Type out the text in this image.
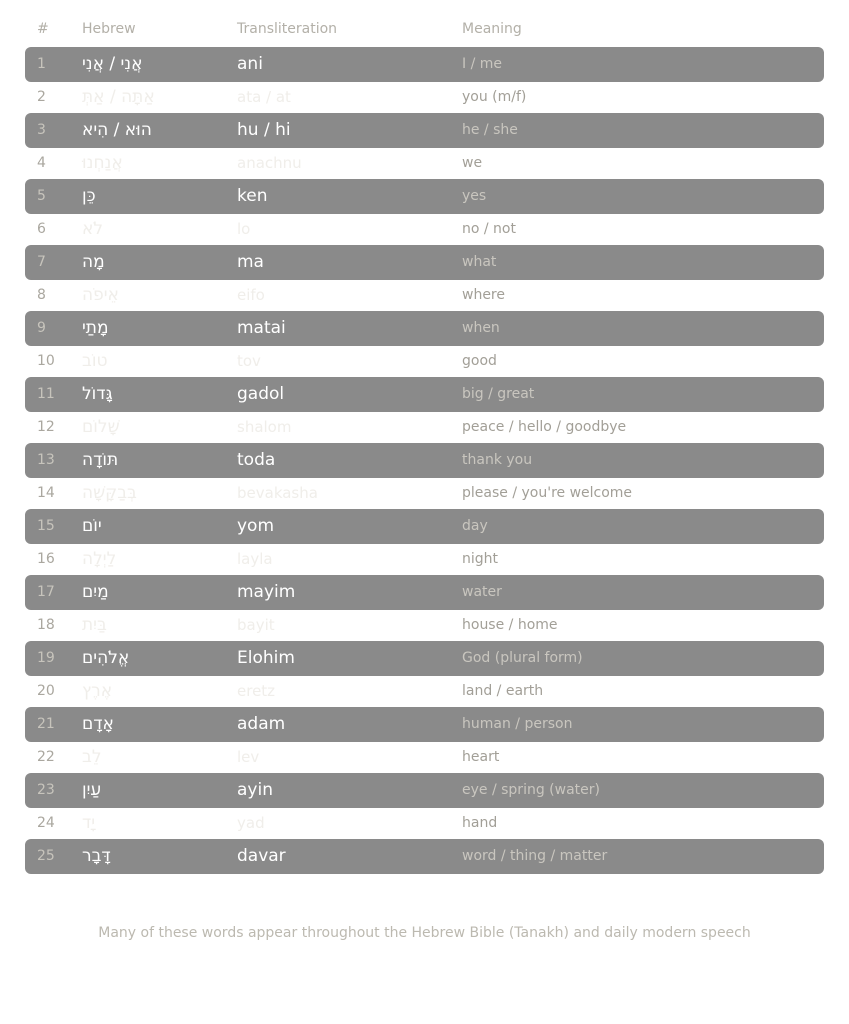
# Hebrew	Transliteration	Meaning
1 אֲנִי / אֲנִי	ani	I / me
2 אַתָּה / אַתְּ	ata / at	you (m/f)
3 הוּא / הִיא	hu / hi	he / she
4 אֲנַחְנוּ	anachnu	we
5 כֵּן	ken	yes
6 לֹא	lo	no / not
7 מָה	ma	what
8 אֵיפֹה	eifo	where
9 מָתַי	matai	when
10 טוֹב	tov	good
11 גָּדוֹל	gadol	big / great
12 שָׁלוֹם	shalom	peace / hello / goodbye
13 תּוֹדָה	toda	thank you
14 בְּבַקָּשָׁה	bevakasha	please / you're welcome
15 יוֹם	yom	day
16 לַיְלָה	layla	night
17 מַיִם	mayim	water
18 בַּיִת	bayit	house / home
19 אֱלֹהִים	Elohim	God (plural form)
20 אֶרֶץ	eretz	land / earth
21 אָדָם	adam	human / person
22 לֵב	lev	heart
23 עַיִן	ayin	eye / spring (water)
24 יָד	yad	hand
25 דָּבָר	davar	word / thing / matter
Many of these words appear throughout the Hebrew Bible (Tanakh) and daily modern speech
